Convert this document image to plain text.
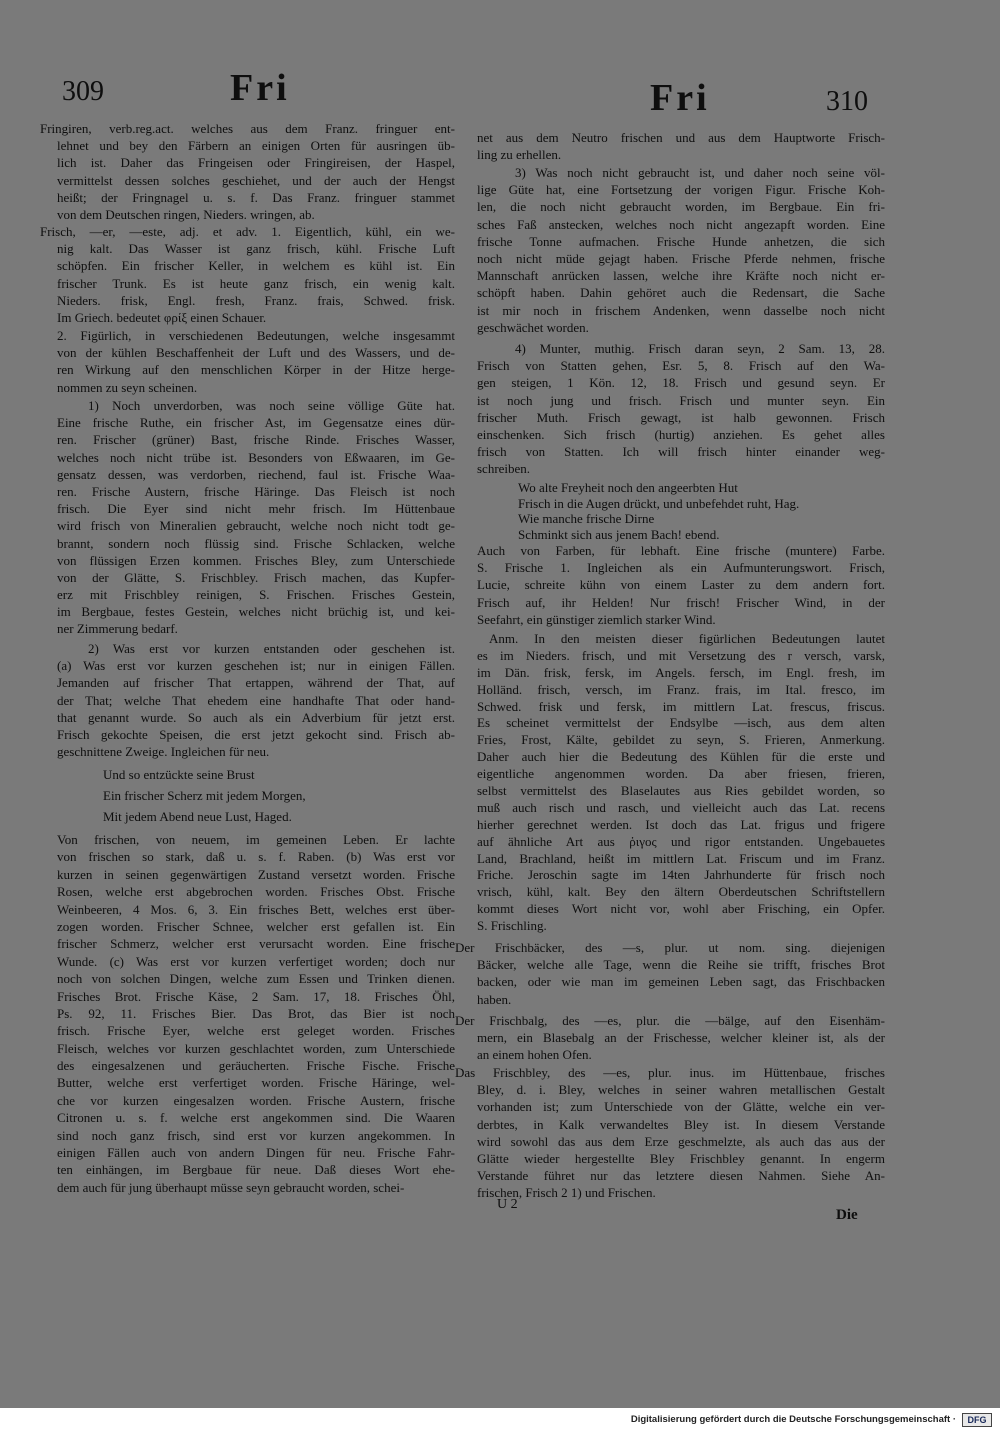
309	Fri	Fri	310
Fringiren, verb.reg.act. welches aus dem Franz. fringuer ent-
lehnet und bey den Färbern an einigen Orten für ausringen üb-
lich ist. Daher das Fringeisen oder Fringireisen, der Haspel,
vermittelst dessen solches geschiehet, und der auch der Hengst
heißt; der Fringnagel u. s. f. Das Franz. fringuer stammet
von dem Deutschen ringen, Nieders. wringen, ab.
Frisch, —er, —este, adj. et adv. 1. Eigentlich, kühl, ein we-
nig kalt. Das Wasser ist ganz frisch, kühl. Frische Luft
schöpfen. Ein frischer Keller, in welchem es kühl ist. Ein
frischer Trunk. Es ist heute ganz frisch, ein wenig kalt.
Nieders. frisk, Engl. fresh, Franz. frais, Schwed. frisk.
Im Griech. bedeutet φρίξ einen Schauer.
2. Figürlich, in verschiedenen Bedeutungen, welche insgesammt
von der kühlen Beschaffenheit der Luft und des Wassers, und de-
ren Wirkung auf den menschlichen Körper in der Hitze herge-
nommen zu seyn scheinen.
1) Noch unverdorben, was noch seine völlige Güte hat.
Eine frische Ruthe, ein frischer Ast, im Gegensatze eines dür-
ren. Frischer (grüner) Bast, frische Rinde. Frisches Wasser,
welches noch nicht trübe ist. Besonders von Eßwaaren, im Ge-
gensatz dessen, was verdorben, riechend, faul ist. Frische Waa-
ren. Frische Austern, frische Häringe. Das Fleisch ist noch
frisch. Die Eyer sind nicht mehr frisch. Im Hüttenbaue
wird frisch von Mineralien gebraucht, welche noch nicht todt ge-
brannt, sondern noch flüssig sind. Frische Schlacken, welche
von flüssigen Erzen kommen. Frisches Bley, zum Unterschiede
von der Glätte, S. Frischbley. Frisch machen, das Kupfer-
erz mit Frischbley reinigen, S. Frischen. Frisches Gestein,
im Bergbaue, festes Gestein, welches nicht brüchig ist, und kei-
ner Zimmerung bedarf.
2) Was erst vor kurzen entstanden oder geschehen ist.
(a) Was erst vor kurzen geschehen ist; nur in einigen Fällen.
Jemanden auf frischer That ertappen, während der That, auf
der That; welche That ehedem eine handhafte That oder hand-
that genannt wurde. So auch als ein Adverbium für jetzt erst.
Frisch gekochte Speisen, die erst jetzt gekocht sind. Frisch ab-
geschnittene Zweige. Ingleichen für neu.
Und so entzückte seine Brust
Ein frischer Scherz mit jedem Morgen,
Mit jedem Abend neue Lust, Haged.
Von frischen, von neuem, im gemeinen Leben. Er lachte
von frischen so stark, daß u. s. f. Raben. (b) Was erst vor
kurzen in seinen gegenwärtigen Zustand versetzt worden. Frische
Rosen, welche erst abgebrochen worden. Frisches Obst. Frische
Weinbeeren, 4 Mos. 6, 3. Ein frisches Bett, welches erst über-
zogen worden. Frischer Schnee, welcher erst gefallen ist. Ein
frischer Schmerz, welcher erst verursacht worden. Eine frische
Wunde. (c) Was erst vor kurzen verfertiget worden; doch nur
noch von solchen Dingen, welche zum Essen und Trinken dienen.
Frisches Brot. Frische Käse, 2 Sam. 17, 18. Frisches Öhl,
Ps. 92, 11. Frisches Bier. Das Brot, das Bier ist noch
frisch. Frische Eyer, welche erst geleget worden. Frisches
Fleisch, welches vor kurzen geschlachtet worden, zum Unterschiede
des eingesalzenen und geräucherten. Frische Fische. Frische
Butter, welche erst verfertiget worden. Frische Häringe, wel-
che vor kurzen eingesalzen worden. Frische Austern, frische
Citronen u. s. f. welche erst angekommen sind. Die Waaren
sind noch ganz frisch, sind erst vor kurzen angekommen. In
einigen Fällen auch von andern Dingen für neu. Frische Fahr-
ten einhängen, im Bergbaue für neue. Daß dieses Wort ehe-
dem auch für jung überhaupt müsse seyn gebraucht worden, schei-
net aus dem Neutro frischen und aus dem Hauptworte Frisch-
ling zu erhellen.
3) Was noch nicht gebraucht ist, und daher noch seine völ-
lige Güte hat, eine Fortsetzung der vorigen Figur. Frische Koh-
len, die noch nicht gebraucht worden, im Bergbaue. Ein fri-
sches Faß anstecken, welches noch nicht angezapft worden. Eine
frische Tonne aufmachen. Frische Hunde anhetzen, die sich
noch nicht müde gejagt haben. Frische Pferde nehmen, frische
Mannschaft anrücken lassen, welche ihre Kräfte noch nicht er-
schöpft haben. Dahin gehöret auch die Redensart, die Sache
ist mir noch in frischem Andenken, wenn dasselbe noch nicht
geschwächet worden.
4) Munter, muthig. Frisch daran seyn, 2 Sam. 13, 28.
Frisch von Statten gehen, Esr. 5, 8. Frisch auf den Wa-
gen steigen, 1 Kön. 12, 18. Frisch und gesund seyn. Er
ist noch jung und frisch. Frisch und munter seyn. Ein
frischer Muth. Frisch gewagt, ist halb gewonnen. Frisch
einschenken. Sich frisch (hurtig) anziehen. Es gehet alles
frisch von Statten. Ich will frisch hinter einander weg-
schreiben.
Wo alte Freyheit noch den angeerbten Hut
Frisch in die Augen drückt, und unbefehdet ruht, Hag.
Wie manche frische Dirne
Schminkt sich aus jenem Bach! ebend.
Auch von Farben, für lebhaft. Eine frische (muntere) Farbe.
S. Frische 1. Ingleichen als ein Aufmunterungswort. Frisch,
Lucie, schreite kühn von einem Laster zu dem andern fort.
Frisch auf, ihr Helden! Nur frisch! Frischer Wind, in der
Seefahrt, ein günstiger ziemlich starker Wind.
Anm. In den meisten dieser figürlichen Bedeutungen lautet
es im Nieders. frisch, und mit Versetzung des r versch, varsk,
im Dän. frisk, fersk, im Angels. fersch, im Engl. fresh, im
Holländ. frisch, versch, im Franz. frais, im Ital. fresco, im
Schwed. frisk und fersk, im mittlern Lat. frescus, friscus.
Es scheinet vermittelst der Endsylbe —isch, aus dem alten
Fries, Frost, Kälte, gebildet zu seyn, S. Frieren, Anmerkung.
Daher auch hier die Bedeutung des Kühlen für die erste und
eigentliche angenommen worden. Da aber friesen, frieren,
selbst vermittelst des Blaselautes aus Ries gebildet worden, so
muß auch risch und rasch, und vielleicht auch das Lat. recens
hierher gerechnet werden. Ist doch das Lat. frigus und frigere
auf ähnliche Art aus ῥιγος und rigor entstanden. Ungebauetes
Land, Brachland, heißt im mittlern Lat. Friscum und im Franz.
Friche. Jeroschin sagte im 14ten Jahrhunderte für frisch noch
vrisch, kühl, kalt. Bey den ältern Oberdeutschen Schriftstellern
kommt dieses Wort nicht vor, wohl aber Frisching, ein Opfer.
S. Frischling.
Der Frischbäcker, des —s, plur. ut nom. sing. diejenigen
Bäcker, welche alle Tage, wenn die Reihe sie trifft, frisches Brot
backen, oder wie man im gemeinen Leben sagt, das Frischbacken
haben.
Der Frischbalg, des —es, plur. die —bälge, auf den Eisenhäm-
mern, ein Blasebalg an der Frischesse, welcher kleiner ist, als der
an einem hohen Ofen.
Das Frischbley, des —es, plur. inus. im Hüttenbaue, frisches
Bley, d. i. Bley, welches in seiner wahren metallischen Gestalt
vorhanden ist; zum Unterschiede von der Glätte, welche ein ver-
derbtes, in Kalk verwandeltes Bley ist. In diesem Verstande
wird sowohl das aus dem Erze geschmelzte, als auch das aus der
Glätte wieder hergestellte Bley Frischbley genannt. In engerm
Verstande führet nur das letztere diesen Nahmen. Siehe An-
frischen, Frisch 2 1) und Frischen.
U 2
Die
Digitalisierung gefördert durch die Deutsche Forschungsgemeinschaft ·	DFG
